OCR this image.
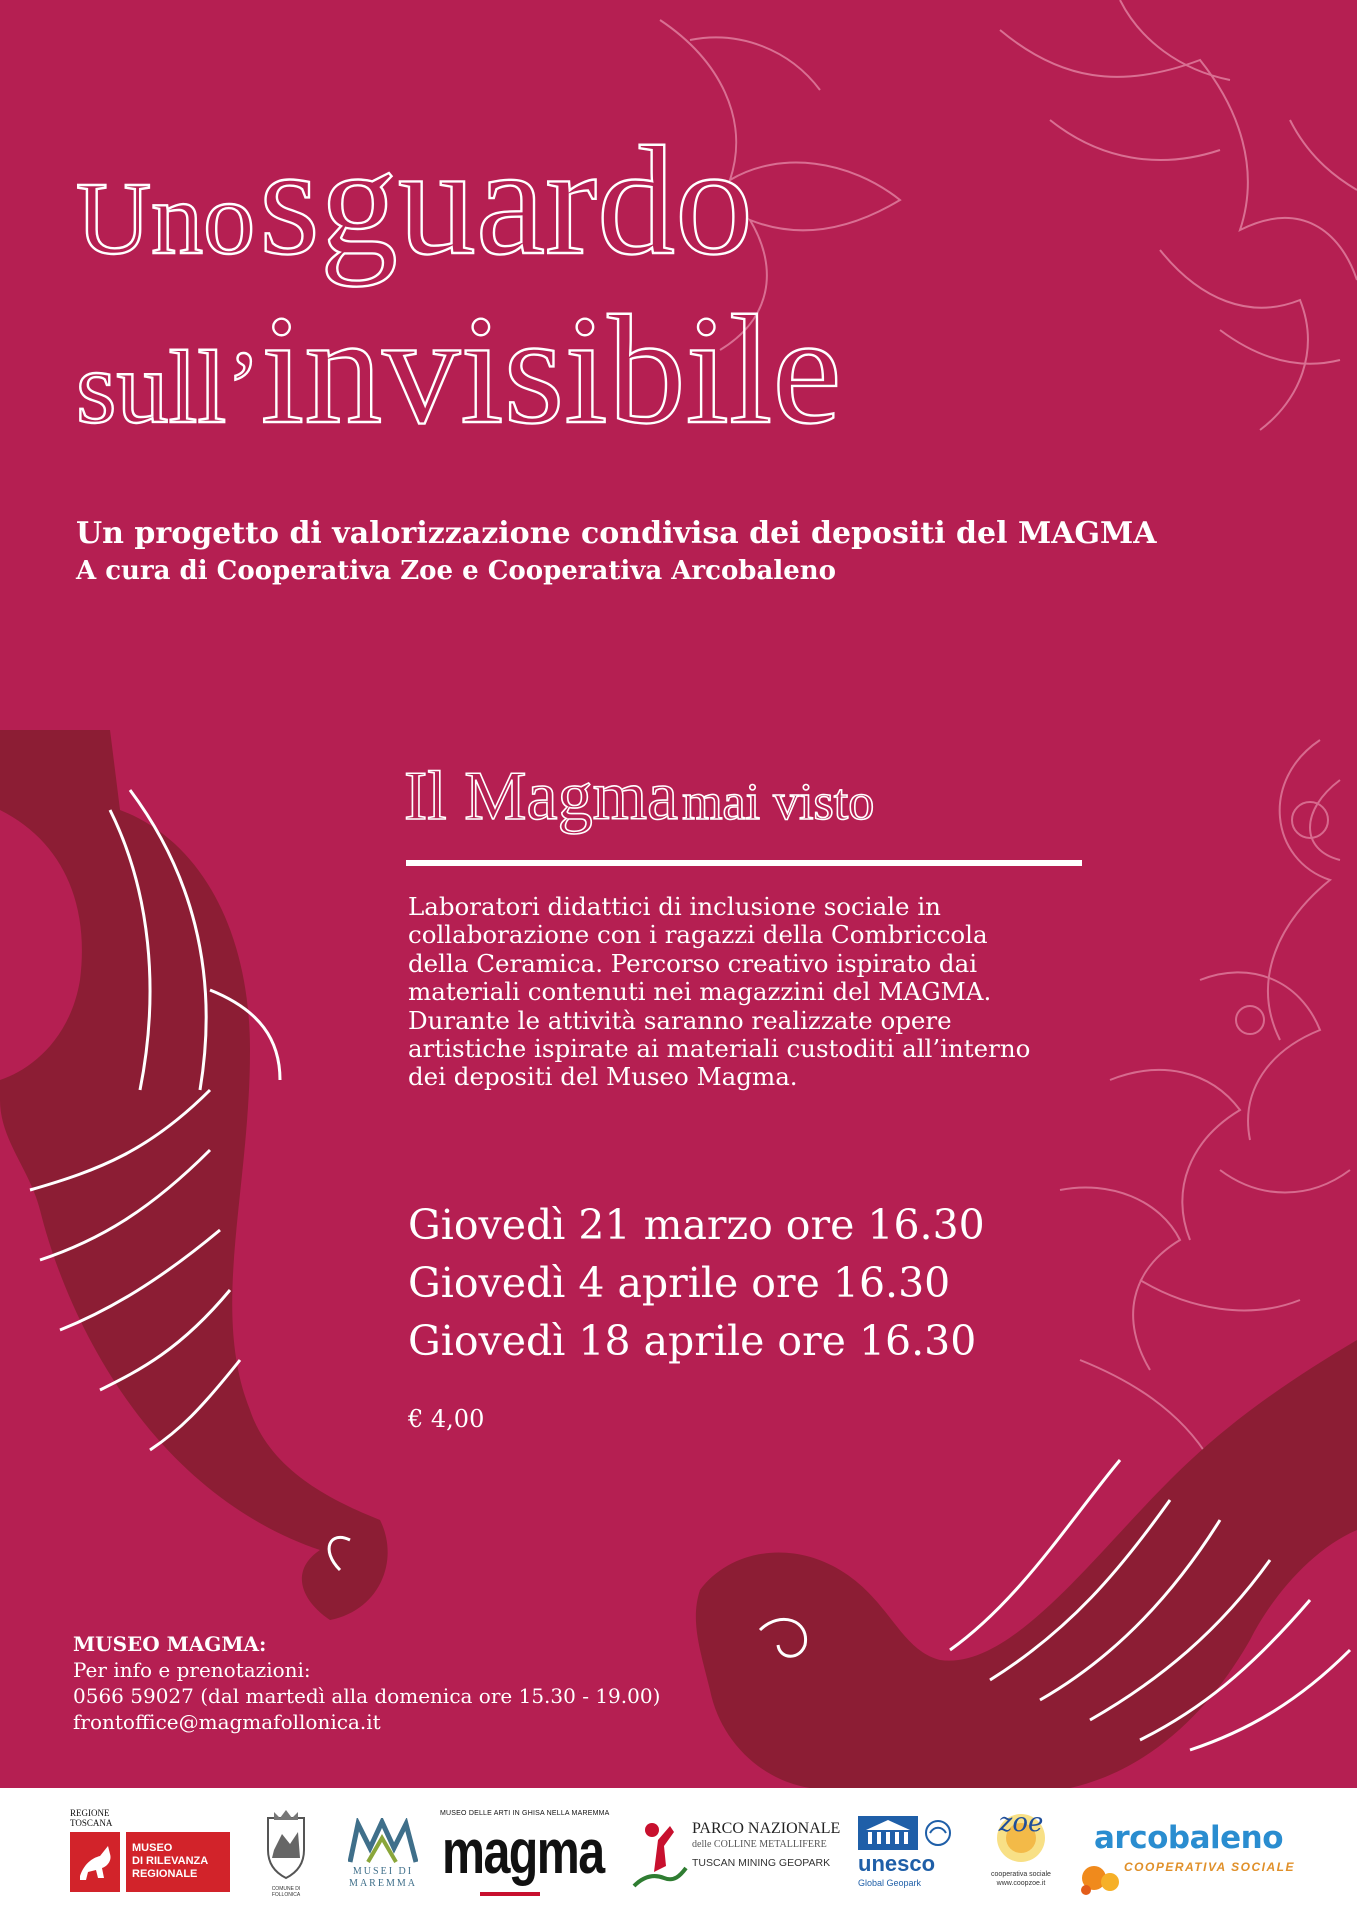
Uno sguardo
sull’invisibile
Un progetto di valorizzazione condivisa dei depositi del MAGMA
A cura di Cooperativa Zoe e Cooperativa Arcobaleno
Il Magma mai visto
Laboratori didattici di inclusione sociale in
collaborazione con i ragazzi della Combriccola
della Ceramica. Percorso creativo ispirato dai
materiali contenuti nei magazzini del MAGMA.
Durante le attività saranno realizzate opere
artistiche ispirate ai materiali custoditi all’interno
dei depositi del Museo Magma.
Giovedì 21 marzo ore 16.30
Giovedì 4 aprile ore 16.30
Giovedì 18 aprile ore 16.30
€ 4,00
MUSEO MAGMA:
Per info e prenotazioni:
0566 59027 (dal martedì alla domenica ore 15.30 - 19.00)
frontoffice@magmafollonica.it
REGIONE
TOSCANA
MUSEO
DI RILEVANZA
REGIONALE
COMUNE DI FOLLONICA
MUSEI DI
MAREMMA
MUSEO DELLE ARTI IN GHISA NELLA MAREMMA
magma	PARCO NAZIONALE
delle COLLINE METALLIFERE
TUSCAN MINING GEOPARK	unesco
Global Geopark
zoe
cooperativa sociale
www.coopzoe.it
arcobaleno
COOPERATIVA SOCIALE
